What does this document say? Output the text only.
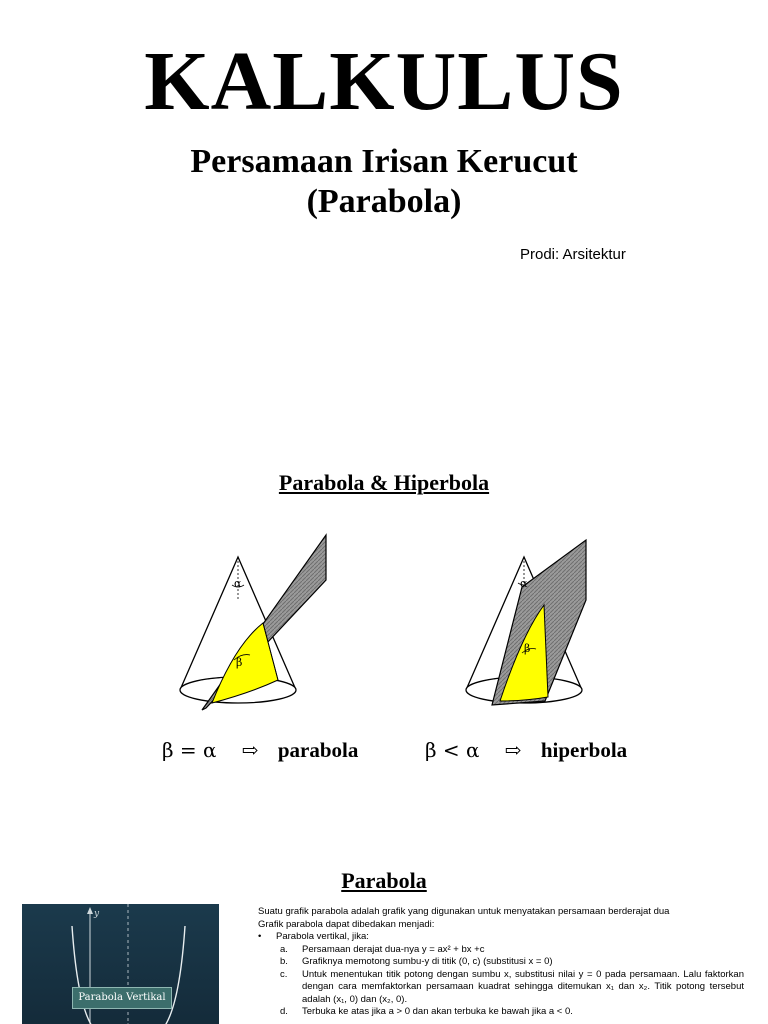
KALKULUS
Persamaan Irisan Kerucut
(Parabola)
Prodi: Arsitektur
Parabola & Hiperbola
α
β
α
β
β = α ⇨ parabola	β < α ⇨ hiperbola
Parabola
y
Parabola Vertikal

Suatu grafik parabola adalah grafik yang digunakan untuk menyatakan persamaan berderajat dua

Grafik parabola dapat dibedakan menjadi:

•	Parabola vertikal, jika:
a.	Persamaan derajat dua-nya y = ax² + bx +c
b.	Grafiknya memotong sumbu-y di titik (0, c) (substitusi x = 0)
c.	Untuk menentukan titik potong dengan sumbu x, substitusi nilai y = 0 pada persamaan. Lalu faktorkan dengan cara memfaktorkan persamaan kuadrat sehingga ditemukan x₁ dan x₂. Titik potong tersebut adalah (x₁, 0) dan (x₂, 0).
d.	Terbuka ke atas jika a > 0 dan akan terbuka ke bawah jika a < 0.
